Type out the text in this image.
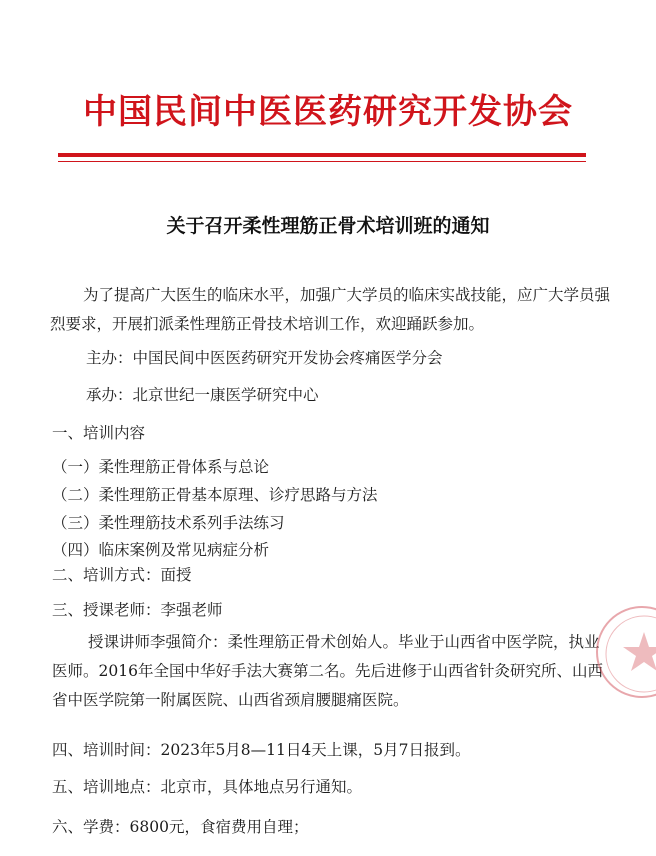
中国民间中医医药研究开发协会
关于召开柔性理筋正骨术培训班的通知
为了提高广大医生的临床水平，加强广大学员的临床实战技能，应广大学员强烈要求，开展扪派柔性理筋正骨技术培训工作，欢迎踊跃参加。
主办：中国民间中医医药研究开发协会疼痛医学分会
承办：北京世纪一康医学研究中心
一、培训内容
（一）柔性理筋正骨体系与总论
（二）柔性理筋正骨基本原理、诊疗思路与方法
（三）柔性理筋技术系列手法练习
（四）临床案例及常见病症分析
二、培训方式：面授
三、授课老师：李强老师
授课讲师李强简介：柔性理筋正骨术创始人。毕业于山西省中医学院，执业医师。2016年全国中华好手法大赛第二名。先后进修于山西省针灸研究所、山西省中医学院第一附属医院、山西省颈肩腰腿痛医院。
四、培训时间：2023年5月8—11日4天上课，5月7日报到。
五、培训地点：北京市，具体地点另行通知。
六、学费：6800元，食宿费用自理；
